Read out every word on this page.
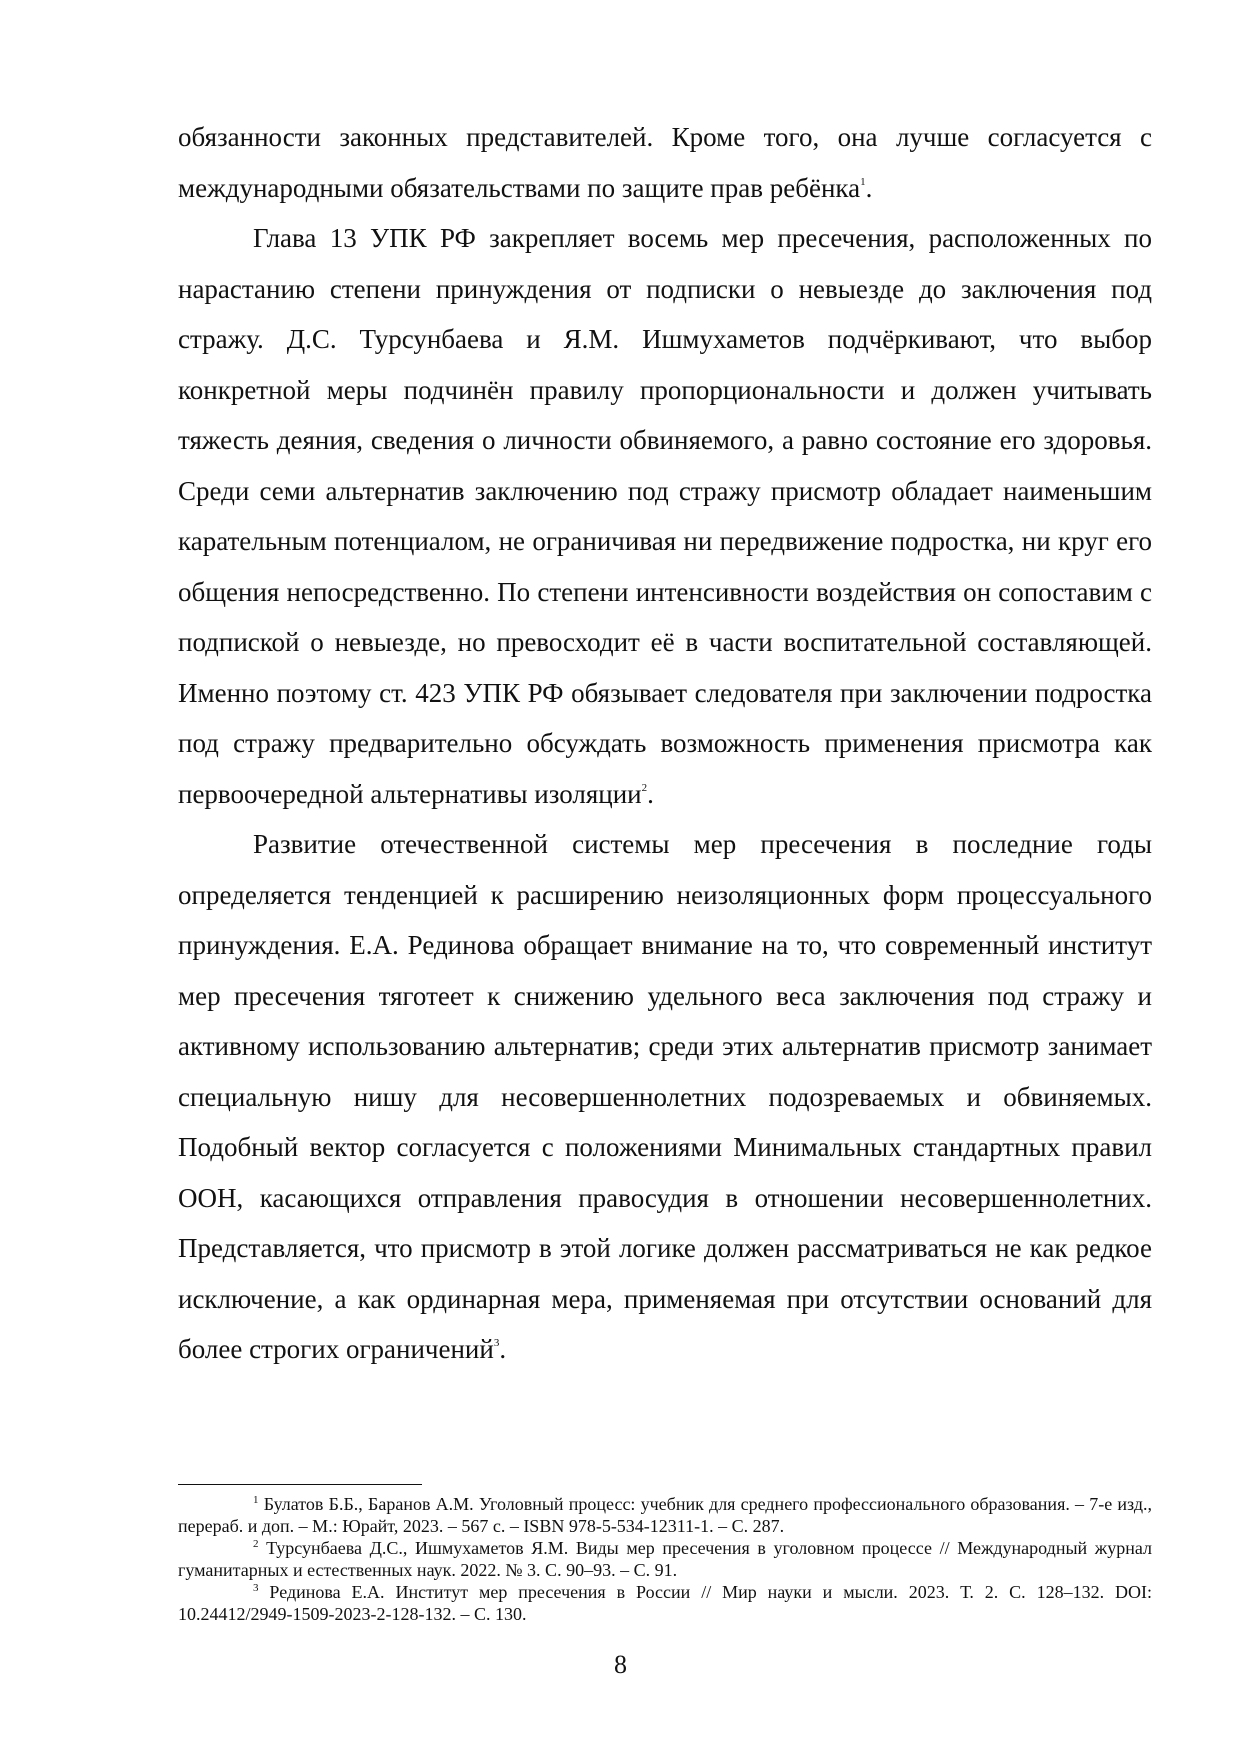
обязанности законных представителей. Кроме того, она лучше согласуется с международными обязательствами по защите прав ребёнка$^1$.

Глава 13 УПК РФ закрепляет восемь мер пресечения, расположенных по нарастанию степени принуждения от подписки о невыезде до заключения под стражу. Д.С. Турсунбаева и Я.М. Ишмухаметов подчёркивают, что выбор конкретной меры подчинён правилу пропорциональности и должен учитывать тяжесть деяния, сведения о личности обвиняемого, а равно состояние его здоровья. Среди семи альтернатив заключению под стражу присмотр обладает наименьшим карательным потенциалом, не ограничивая ни передвижение подростка, ни круг его общения непосредственно. По степени интенсивности воздействия он сопоставим с подпиской о невыезде, но превосходит её в части воспитательной составляющей. Именно поэтому ст. 423 УПК РФ обязывает следователя при заключении подростка под стражу предварительно обсуждать возможность применения присмотра как первоочередной альтернативы изоляции$^2$.

Развитие отечественной системы мер пресечения в последние годы определяется тенденцией к расширению неизоляционных форм процессуального принуждения. Е.А. Рединова обращает внимание на то, что современный институт мер пресечения тяготеет к снижению удельного веса заключения под стражу и активному использованию альтернатив; среди этих альтернатив присмотр занимает специальную нишу для несовершеннолетних подозреваемых и обвиняемых. Подобный вектор согласуется с положениями Минимальных стандартных правил ООН, касающихся отправления правосудия в отношении несовершеннолетних. Представляется, что присмотр в этой логике должен рассматриваться не как редкое исключение, а как ординарная мера, применяемая при отсутствии оснований для более строгих ограничений$^3$.

$^1$ Булатов Б.Б., Баранов А.М. Уголовный процесс: учебник для среднего профессионального образования. – 7-е изд., перераб. и доп. – М.: Юрайт, 2023. – 567 с. – ISBN 978-5-534-12311-1. – С. 287.

$^2$ Турсунбаева Д.С., Ишмухаметов Я.М. Виды мер пресечения в уголовном процессе // Международный журнал гуманитарных и естественных наук. 2022. № 3. С. 90–93. – С. 91.

$^3$ Рединова Е.А. Институт мер пресечения в России // Мир науки и мысли. 2023. Т. 2. С. 128–132. DOI: 10.24412/2949-1509-2023-2-128-132. – С. 130.

8
